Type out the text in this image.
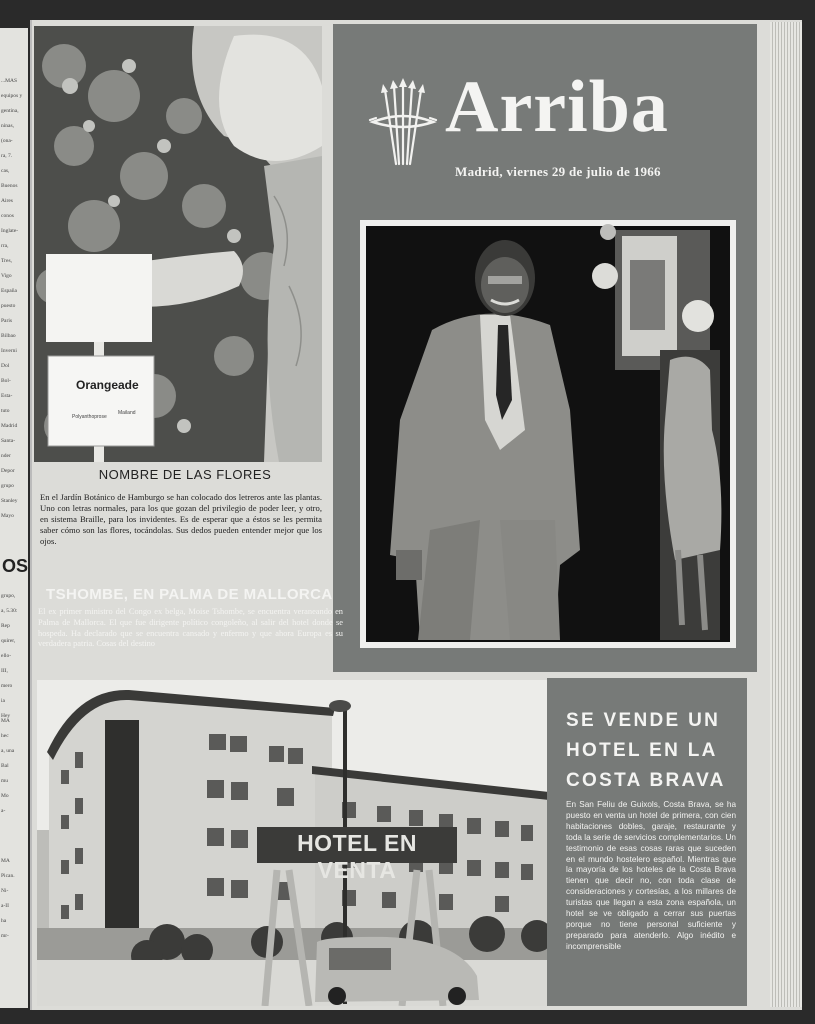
Arriba
Madrid, viernes 29 de julio de 1966
Orangeade
Polyanthoprose
Mailand
NOMBRE DE LAS FLORES
En el Jardín Botánico de Hamburgo se han colocado dos letreros ante las plantas. Uno con letras normales, para los que gozan del privilegio de poder leer, y otro, en sistema Braille, para los invidentes. Es de esperar que a éstos se les permita saber cómo son las flores, tocándolas. Sus dedos pueden entender mejor que los ojos.
TSHOMBE, EN PALMA DE MALLORCA
El ex primer ministro del Congo ex belga, Moise Tshombe, se encuentra veraneando en Palma de Mallorca. El que fue dirigente político congoleño, al salir del hotel donde se hospeda. Ha declarado que se encuentra cansado y enfermo y que ahora Europa es su verdadera patria. Cosas del destino
HOTEL EN VENTA
SE VENDE UN
HOTEL EN LA
COSTA BRAVA
En San Feliu de Guixols, Costa Brava, se ha puesto en venta un hotel de primera, con cien habitaciones dobles, garaje, restaurante y toda la serie de servicios complementarios. Un testimonio de esas cosas raras que suceden en el mundo hostelero español. Mientras que la mayoría de los hoteles de la Costa Brava tienen que decir no, con toda clase de consideraciones y cortesías, a los millares de turistas que llegan a esta zona española, un hotel se ve obligado a cerrar sus puertas porque no tiene personal suficiente y preparado para atenderlo. Algo inédito e incomprensible
...MAS
equipos y
gentina,
ninas,
(ona-
ra, 7.
cas,
Buenos
Aires
conos
Inglate-
rra,
Tres,
Vigo
España
puesto
Paris
Bilbao
Inverni
Dol
Bol-
Esta-
tuto
Madrid
Santa-
nder
Depor
grupo
Stanley
Mayo
grupo,
a, 5.30:
Rep
quirer,
ello-
III,
mero
ia
Hey
MA
hec
a, una
Bal
mu
Mo
a-
MA
Pican.
Ni-
a-II
ha
mr-
OS
